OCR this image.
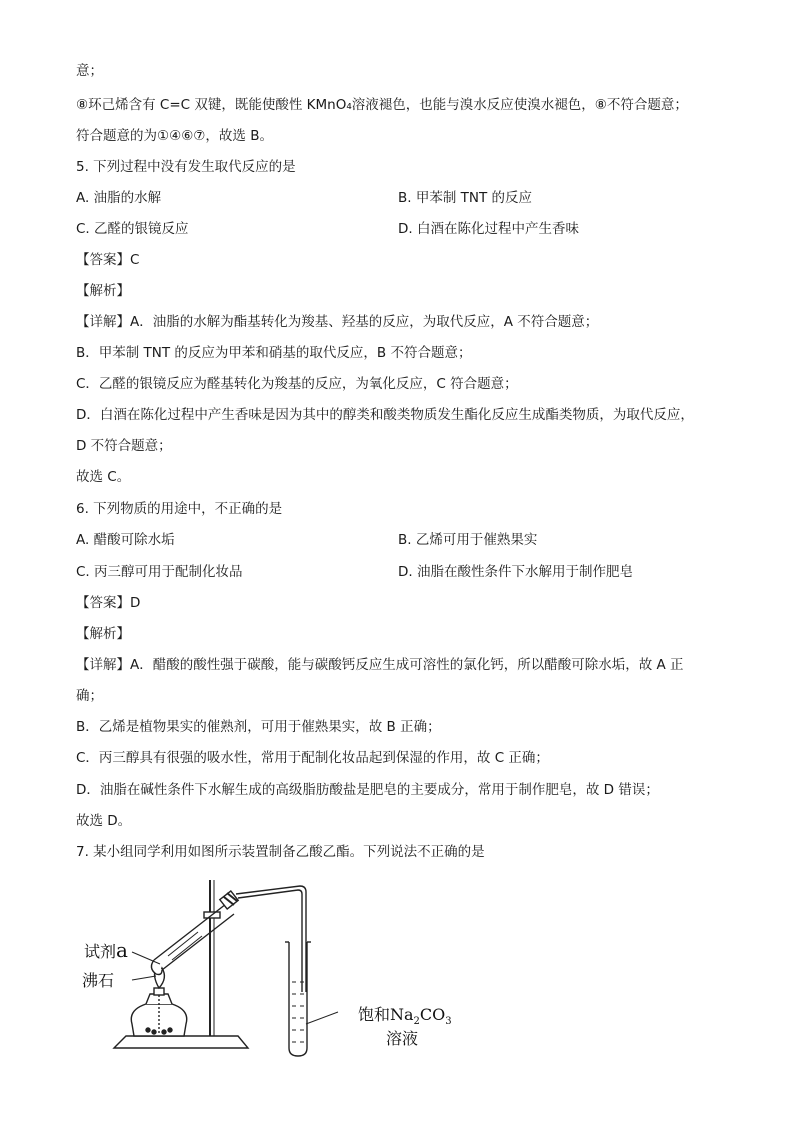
意；
⑧环己烯含有 C=C 双键，既能使酸性 KMnO₄溶液褪色，也能与溴水反应使溴水褪色，⑧不符合题意；
符合题意的为①④⑥⑦，故选 B。
5. 下列过程中没有发生取代反应的是
A. 油脂的水解	B. 甲苯制 TNT 的反应
C. 乙醛的银镜反应	D. 白酒在陈化过程中产生香味
【答案】C
【解析】
【详解】A．油脂的水解为酯基转化为羧基、羟基的反应，为取代反应，A 不符合题意；
B．甲苯制 TNT 的反应为甲苯和硝基的取代反应，B 不符合题意；
C．乙醛的银镜反应为醛基转化为羧基的反应，为氧化反应，C 符合题意；
D．白酒在陈化过程中产生香味是因为其中的醇类和酸类物质发生酯化反应生成酯类物质，为取代反应，
D 不符合题意；
故选 C。
6. 下列物质的用途中，不正确的是
A. 醋酸可除水垢	B. 乙烯可用于催熟果实
C. 丙三醇可用于配制化妆品	D. 油脂在酸性条件下水解用于制作肥皂
【答案】D
【解析】
【详解】A．醋酸的酸性强于碳酸，能与碳酸钙反应生成可溶性的氯化钙，所以醋酸可除水垢，故 A 正
确；
B．乙烯是植物果实的催熟剂，可用于催熟果实，故 B 正确；
C．丙三醇具有很强的吸水性，常用于配制化妆品起到保湿的作用，故 C 正确；
D．油脂在碱性条件下水解生成的高级脂肪酸盐是肥皂的主要成分，常用于制作肥皂，故 D 错误；
故选 D。
7. 某小组同学利用如图所示装置制备乙酸乙酯。下列说法不正确的是
试剂a
沸石
饱和$Na_2CO_3$
溶液
